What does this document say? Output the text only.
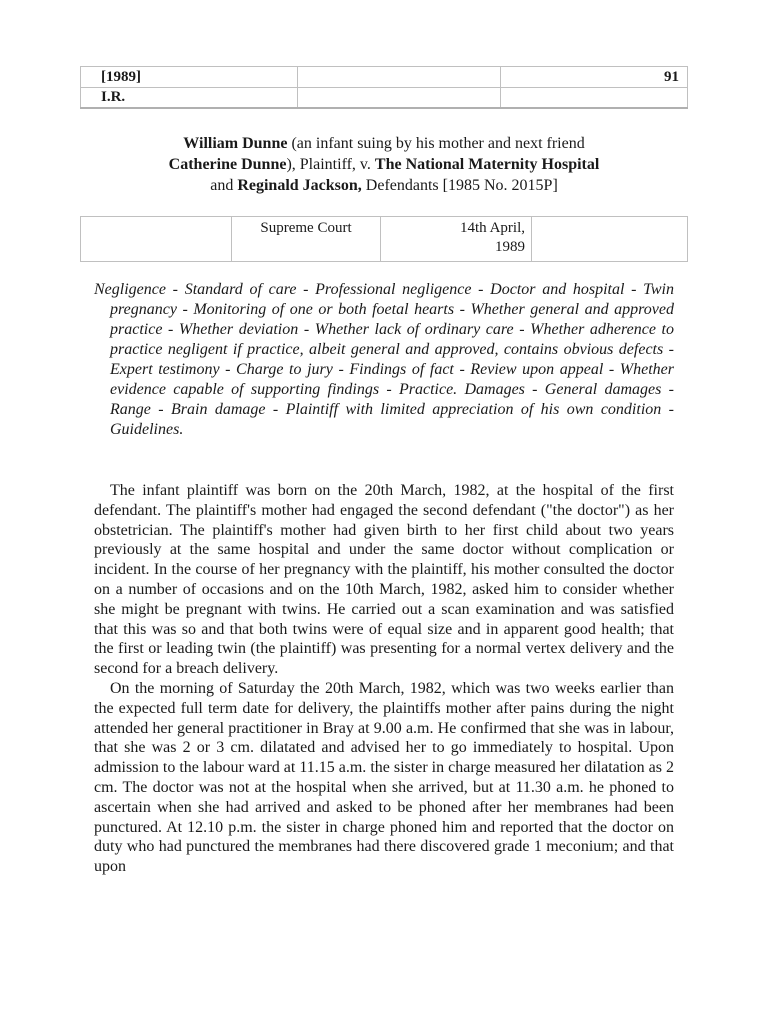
[1989]		91
I.R.		
William Dunne (an infant suing by his mother and next friend
Catherine Dunne), Plaintiff, v. The National Maternity Hospital
and Reginald Jackson, Defendants [1985 No. 2015P]
	Supreme Court	14th April,
1989	
Negligence - Standard of care - Professional negligence - Doctor and hospital - Twin pregnancy - Monitoring of one or both foetal hearts - Whether general and approved practice - Whether deviation - Whether lack of ordinary care - Whether adherence to practice negligent if practice, albeit general and approved, contains obvious defects - Expert testimony - Charge to jury - Findings of fact - Review upon appeal - Whether evidence capable of supporting findings - Practice. Damages - General damages - Range - Brain damage - Plaintiff with limited appreciation of his own condition - Guidelines.

The infant plaintiff was born on the 20th March, 1982, at the hospital of the first defendant. The plaintiff's mother had engaged the second defendant ("the doctor") as her obstetrician. The plaintiff's mother had given birth to her first child about two years previously at the same hospital and under the same doctor without complication or incident. In the course of her pregnancy with the plaintiff, his mother consulted the doctor on a number of occasions and on the 10th March, 1982, asked him to consider whether she might be pregnant with twins. He carried out a scan examination and was satisfied that this was so and that both twins were of equal size and in apparent good health; that the first or leading twin (the plaintiff) was presenting for a normal vertex delivery and the second for a breach delivery.

On the morning of Saturday the 20th March, 1982, which was two weeks earlier than the expected full term date for delivery, the plaintiffs mother after pains during the night attended her general practitioner in Bray at 9.00 a.m. He confirmed that she was in labour, that she was 2 or 3 cm. dilatated and advised her to go immediately to hospital. Upon admission to the labour ward at 11.15 a.m. the sister in charge measured her dilatation as 2 cm. The doctor was not at the hospital when she arrived, but at 11.30 a.m. he phoned to ascertain when she had arrived and asked to be phoned after her membranes had been punctured. At 12.10 p.m. the sister in charge phoned him and reported that the doctor on duty who had punctured the membranes had there discovered grade 1 meconium; and that upon
